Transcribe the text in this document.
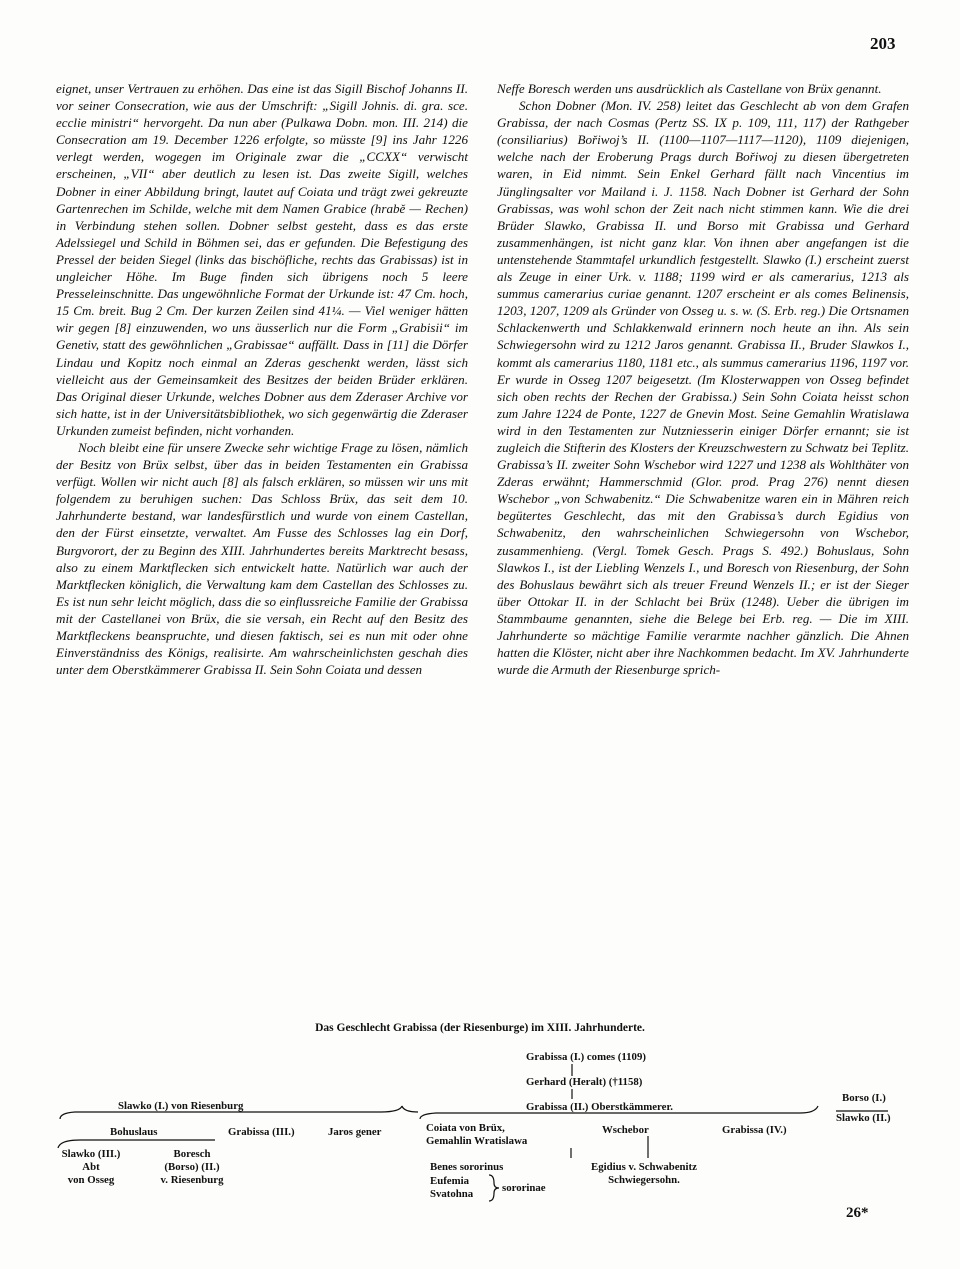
203

eignet, unser Vertrauen zu erhöhen. Das eine ist das Sigill Bischof Johanns II. vor seiner Consecration, wie aus der Umschrift: „Sigill Johnis. di. gra. sce. ecclie ministri“ hervorgeht. Da nun aber (Pulkawa Dobn. mon. III. 214) die Consecration am 19. December 1226 erfolgte, so müsste [9] ins Jahr 1226 verlegt werden, wogegen im Originale zwar die „CCXX“ verwischt erscheinen, „VII“ aber deutlich zu lesen ist. Das zweite Sigill, welches Dobner in einer Abbildung bringt, lautet auf Coiata und trägt zwei gekreuzte Gartenrechen im Schilde, welche mit dem Namen Grabice (hrabě — Rechen) in Verbindung stehen sollen. Dobner selbst gesteht, dass es das erste Adelssiegel und Schild in Böhmen sei, das er gefunden. Die Befestigung des Pressel der beiden Siegel (links das bischöfliche, rechts das Grabissas) ist in ungleicher Höhe. Im Buge finden sich übrigens noch 5 leere Presseleinschnitte. Das ungewöhnliche Format der Urkunde ist: 47 Cm. hoch, 15 Cm. breit. Bug 2 Cm. Der kurzen Zeilen sind 41¼. — Viel weniger hätten wir gegen [8] einzuwenden, wo uns äusserlich nur die Form „Grabisii“ im Genetiv, statt des gewöhnlichen „Grabissae“ auffällt. Dass in [11] die Dörfer Lindau und Kopitz noch einmal an Zderas geschenkt werden, lässt sich vielleicht aus der Gemeinsamkeit des Besitzes der beiden Brüder erklären. Das Original dieser Urkunde, welches Dobner aus dem Zderaser Archive vor sich hatte, ist in der Universitätsbibliothek, wo sich gegenwärtig die Zderaser Urkunden zumeist befinden, nicht vorhanden.

Noch bleibt eine für unsere Zwecke sehr wichtige Frage zu lösen, nämlich der Besitz von Brüx selbst, über das in beiden Testamenten ein Grabissa verfügt. Wollen wir nicht auch [8] als falsch erklären, so müssen wir uns mit folgendem zu beruhigen suchen: Das Schloss Brüx, das seit dem 10. Jahrhunderte bestand, war landesfürstlich und wurde von einem Castellan, den der Fürst einsetzte, verwaltet. Am Fusse des Schlosses lag ein Dorf, Burgvorort, der zu Beginn des XIII. Jahrhundertes bereits Marktrecht besass, also zu einem Marktflecken sich entwickelt hatte. Natürlich war auch der Marktflecken königlich, die Verwaltung kam dem Castellan des Schlosses zu. Es ist nun sehr leicht möglich, dass die so einflussreiche Familie der Grabissa mit der Castellanei von Brüx, die sie versah, ein Recht auf den Besitz des Marktfleckens beanspruchte, und diesen faktisch, sei es nun mit oder ohne Einverständniss des Königs, realisirte. Am wahrscheinlichsten geschah dies unter dem Oberstkämmerer Grabissa II. Sein Sohn Coiata und dessen

Neffe Boresch werden uns ausdrücklich als Castellane von Brüx genannt.

Schon Dobner (Mon. IV. 258) leitet das Geschlecht ab von dem Grafen Grabissa, der nach Cosmas (Pertz SS. IX p. 109, 111, 117) der Rathgeber (consiliarius) Bořiwoj’s II. (1100—1107—1117—1120), 1109 diejenigen, welche nach der Eroberung Prags durch Bořiwoj zu diesen übergetreten waren, in Eid nimmt. Sein Enkel Gerhard fällt nach Vincentius im Jünglingsalter vor Mailand i. J. 1158. Nach Dobner ist Gerhard der Sohn Grabissas, was wohl schon der Zeit nach nicht stimmen kann. Wie die drei Brüder Slawko, Grabissa II. und Borso mit Grabissa und Gerhard zusammenhängen, ist nicht ganz klar. Von ihnen aber angefangen ist die untenstehende Stammtafel urkundlich festgestellt. Slawko (I.) erscheint zuerst als Zeuge in einer Urk. v. 1188; 1199 wird er als camerarius, 1213 als summus camerarius curiae genannt. 1207 erscheint er als comes Belinensis, 1203, 1207, 1209 als Gründer von Osseg u. s. w. (S. Erb. reg.) Die Ortsnamen Schlackenwerth und Schlakkenwald erinnern noch heute an ihn. Als sein Schwiegersohn wird zu 1212 Jaros genannt. Grabissa II., Bruder Slawkos I., kommt als camerarius 1180, 1181 etc., als summus camerarius 1196, 1197 vor. Er wurde in Osseg 1207 beigesetzt. (Im Klosterwappen von Osseg befindet sich oben rechts der Rechen der Grabissa.) Sein Sohn Coiata heisst schon zum Jahre 1224 de Ponte, 1227 de Gnevin Most. Seine Gemahlin Wratislawa wird in den Testamenten zur Nutzniesserin einiger Dörfer ernannt; sie ist zugleich die Stifterin des Klosters der Kreuzschwestern zu Schwatz bei Teplitz. Grabissa’s II. zweiter Sohn Wschebor wird 1227 und 1238 als Wohlthäter von Zderas erwähnt; Hammerschmid (Glor. prod. Prag 276) nennt diesen Wschebor „von Schwabenitz.“ Die Schwabenitze waren ein in Mähren reich begütertes Geschlecht, das mit den Grabissa’s durch Egidius von Schwabenitz, den wahrscheinlichen Schwiegersohn von Wschebor, zusammenhieng. (Vergl. Tomek Gesch. Prags S. 492.) Bohuslaus, Sohn Slawkos I., ist der Liebling Wenzels I., und Boresch von Riesenburg, der Sohn des Bohuslaus bewährt sich als treuer Freund Wenzels II.; er ist der Sieger über Ottokar II. in der Schlacht bei Brüx (1248). Ueber die übrigen im Stammbaume genannten, siehe die Belege bei Erb. reg. — Die im XIII. Jahrhunderte so mächtige Familie verarmte nachher gänzlich. Die Ahnen hatten die Klöster, nicht aber ihre Nachkommen bedacht. Im XV. Jahrhunderte wurde die Armuth der Riesenburge sprich-

Das Geschlecht Grabissa (der Riesenburge) im XIII. Jahrhunderte.
Grabissa (I.) comes (1109)
Gerhard (Heralt) (†1158)
Grabissa (II.) Oberstkämmerer.
Borso (I.)
Slawko (II.)
Slawko (I.) von Riesenburg
Bohuslaus	Grabissa (III.)	Jaros gener
Slawko (III.)
Abt
von Osseg
Boresch
(Borso) (II.)
v. Riesenburg
Coiata von Brüx,
Gemahlin Wratislawa
Wschebor	Grabissa (IV.)
Benes sororinus
Eufemia
Svatohna	sororinae
Egidius v. Schwabenitz
Schwiegersohn.
26*
